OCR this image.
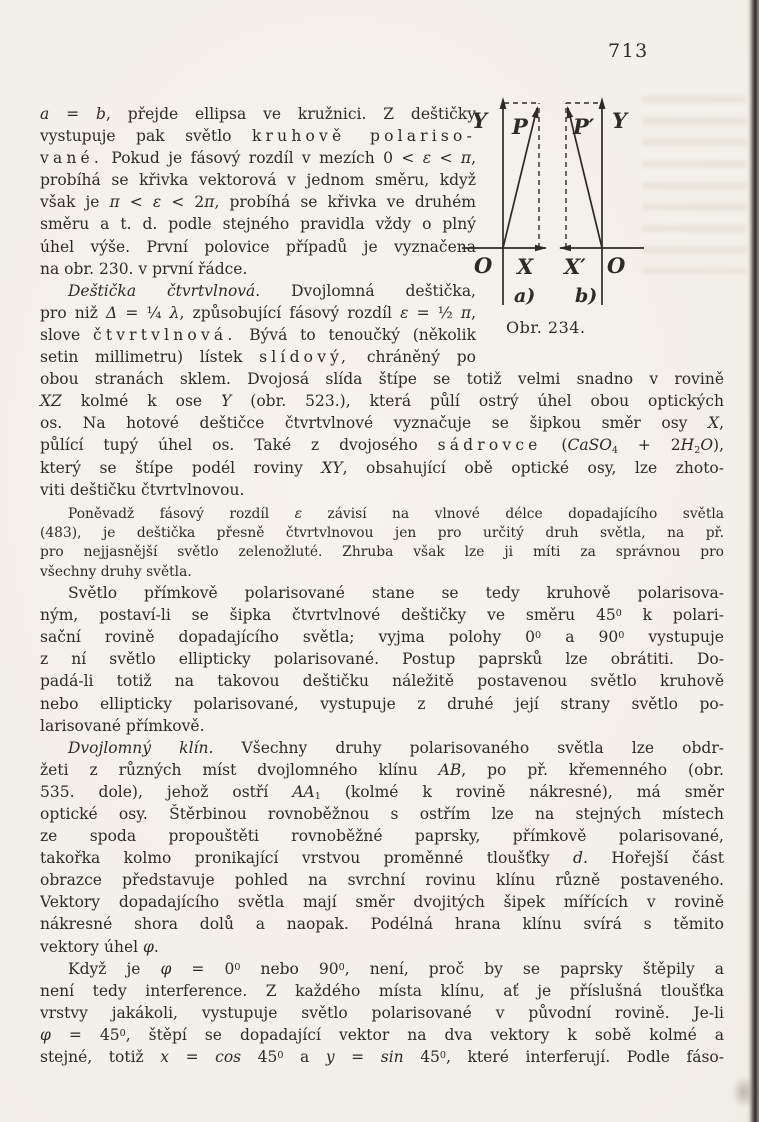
713
a = b, přejde ellipsa ve kružnici. Z deštičky
vystupuje pak světlo kruhově polariso-
vané. Pokud je fásový rozdíl v mezích 0 < ε < π,
probíhá se křivka vektorová v jednom směru, když
však je π < ε < 2π, probíhá se křivka ve druhém
směru a t. d. podle stejného pravidla vždy o plný
úhel výše. První polovice případů je vyznačena
na obr. 230. v první řádce.
Deštička čtvrtvlnová. Dvojlomná deštička,
pro niž Δ = ¼ λ, způsobující fásový rozdíl ε = ½ π,
slove čtvrtvlnová. Bývá to tenoučký (několik
setin millimetru) lístek slídový, chráněný po
obou stranách sklem. Dvojosá slída štípe se totiž velmi snadno v rovině
XZ kolmé k ose Y (obr. 523.), která půlí ostrý úhel obou optických
os. Na hotové deštičce čtvrtvlnové vyznačuje se šipkou směr osy X,
půlící tupý úhel os. Také z dvojosého sádrovce (CaSO4 + 2H2O),
který se štípe podél roviny XY, obsahující obě optické osy, lze zhoto-
viti deštičku čtvrtvlnovou.
Poněvadž fásový rozdíl ε závisí na vlnové délce dopadajícího světla
(483), je deštička přesně čtvrtvlnovou jen pro určitý druh světla, na př.
pro nejjasnější světlo zelenožluté. Zhruba však lze ji míti za správnou pro
všechny druhy světla.
Světlo přímkově polarisované stane se tedy kruhově polarisova-
ným, postaví-li se šipka čtvrtvlnové deštičky ve směru $45^0$ k polari-
sační rovině dopadajícího světla; vyjma polohy $0^0$ a $90^0$ vystupuje
z ní světlo ellipticky polarisované. Postup paprsků lze obrátiti. Do-
padá-li totiž na takovou deštičku náležitě postavenou světlo kruhově
nebo ellipticky polarisované, vystupuje z druhé její strany světlo po-
larisované přímkově.
Dvojlomný klín. Všechny druhy polarisovaného světla lze obdr-
žeti z různých míst dvojlomného klínu AB, po př. křemenného (obr.
535. dole), jehož ostří AA1 (kolmé k rovině nákresné), má směr
optické osy. Štěrbinou rovnoběžnou s ostřím lze na stejných místech
ze spoda propouštěti rovnoběžné paprsky, přímkově polarisované,
takořka kolmo pronikající vrstvou proměnné tloušťky d. Hořejší část
obrazce představuje pohled na svrchní rovinu klínu různě postaveného.
Vektory dopadajícího světla mají směr dvojitých šipek mířících v rovině
nákresné shora dolů a naopak. Podélná hrana klínu svírá s těmito
vektory úhel φ.
Když je $\varphi = 0^0$ nebo $90^0$, není, proč by se paprsky štěpily a
není tedy interference. Z každého místa klínu, ať je příslušná tloušťka
vrstvy jakákoli, vystupuje světlo polarisované v původní rovině. Je-li
$\varphi = 45^0$, štěpí se dopadající vektor na dva vektory k sobě kolmé a
stejné, totiž $x = \cos 45^0$ a $y = \sin 45^0$, které interferují. Podle fáso-
Y P
O X
a)
Y
P′
X′ O
b)
Obr. 234.
